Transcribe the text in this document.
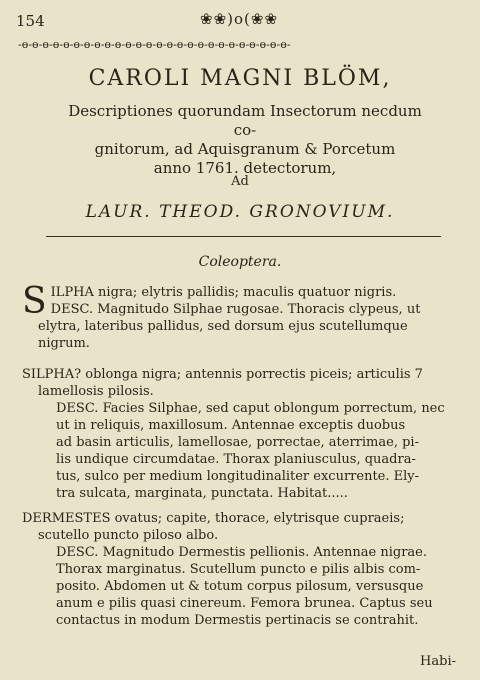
154	❀❀)o(❀❀
-ɵ-ɵ-ɵ-ɵ-ɵ-ɵ-ɵ-ɵ-ɵ-ɵ-ɵ-ɵ-ɵ-ɵ-ɵ-ɵ-ɵ-ɵ-ɵ-ɵ-ɵ-ɵ-ɵ-ɵ-ɵ-ɵ-
CAROLI MAGNI BLÖM,
Descriptiones quorundam Insectorum necdum co-
gnitorum, ad Aquisgranum & Porcetum
anno 1761. detectorum,
Ad
LAUR. THEOD. GRONOVIUM.
Coleoptera.
S ILPHA nigra; elytris pallidis; maculis quatuor nigris.
DESC. Magnitudo Silphae rugosae. Thoracis clypeus, ut
elytra, lateribus pallidus, sed dorsum ejus scutellumque
nigrum.
SILPHA? oblonga nigra; antennis porrectis piceis; articulis 7
lamellosis pilosis.
DESC. Facies Silphae, sed caput oblongum porrectum, nec
ut in reliquis, maxillosum. Antennae exceptis duobus
ad basin articulis, lamellosae, porrectae, aterrimae, pi-
lis undique circumdatae. Thorax planiusculus, quadra-
tus, sulco per medium longitudinaliter excurrente. Ely-
tra sulcata, marginata, punctata. Habitat.....
DERMESTES ovatus; capite, thorace, elytrisque cupraeis;
scutello puncto piloso albo.
DESC. Magnitudo Dermestis pellionis. Antennae nigrae.
Thorax marginatus. Scutellum puncto e pilis albis com-
posito. Abdomen ut & totum corpus pilosum, versusque
anum e pilis quasi cinereum. Femora brunea. Captus seu
contactus in modum Dermestis pertinacis se contrahit.
Habi-
